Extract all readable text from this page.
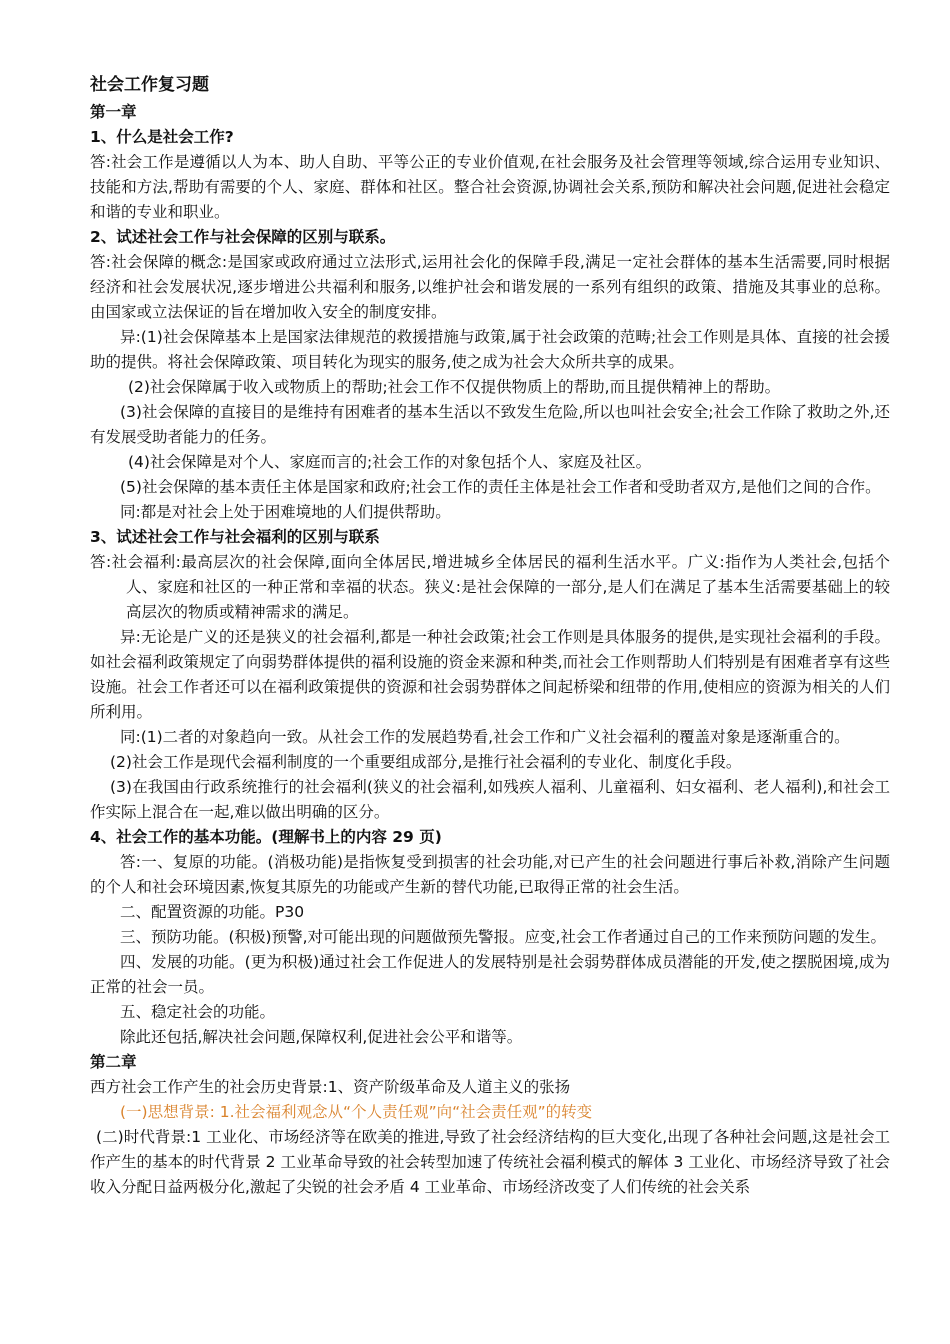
社会工作复习题
第一章
1、什么是社会工作?

答:社会工作是遵循以人为本、助人自助、平等公正的专业价值观,在社会服务及社会管理等领域,综合运用专业知识、技能和方法,帮助有需要的个人、家庭、群体和社区。整合社会资源,协调社会关系,预防和解决社会问题,促进社会稳定和谐的专业和职业。

2、试述社会工作与社会保障的区别与联系。

答:社会保障的概念:是国家或政府通过立法形式,运用社会化的保障手段,满足一定社会群体的基本生活需要,同时根据经济和社会发展状况,逐步增进公共福利和服务,以维护社会和谐发展的一系列有组织的政策、措施及其事业的总称。由国家或立法保证的旨在增加收入安全的制度安排。

异:(1)社会保障基本上是国家法律规范的救援措施与政策,属于社会政策的范畴;社会工作则是具体、直接的社会援助的提供。将社会保障政策、项目转化为现实的服务,使之成为社会大众所共享的成果。

(2)社会保障属于收入或物质上的帮助;社会工作不仅提供物质上的帮助,而且提供精神上的帮助。

(3)社会保障的直接目的是维持有困难者的基本生活以不致发生危险,所以也叫社会安全;社会工作除了救助之外,还有发展受助者能力的任务。

(4)社会保障是对个人、家庭而言的;社会工作的对象包括个人、家庭及社区。

(5)社会保障的基本责任主体是国家和政府;社会工作的责任主体是社会工作者和受助者双方,是他们之间的合作。

同:都是对社会上处于困难境地的人们提供帮助。

3、试述社会工作与社会福利的区别与联系

答:社会福利:最高层次的社会保障,面向全体居民,增进城乡全体居民的福利生活水平。广义:指作为人类社会,包括个人、家庭和社区的一种正常和幸福的状态。狭义:是社会保障的一部分,是人们在满足了基本生活需要基础上的较高层次的物质或精神需求的满足。

异:无论是广义的还是狭义的社会福利,都是一种社会政策;社会工作则是具体服务的提供,是实现社会福利的手段。如社会福利政策规定了向弱势群体提供的福利设施的资金来源和种类,而社会工作则帮助人们特别是有困难者享有这些设施。社会工作者还可以在福利政策提供的资源和社会弱势群体之间起桥梁和纽带的作用,使相应的资源为相关的人们所利用。

同:(1)二者的对象趋向一致。从社会工作的发展趋势看,社会工作和广义社会福利的覆盖对象是逐渐重合的。

(2)社会工作是现代会福利制度的一个重要组成部分,是推行社会福利的专业化、制度化手段。

(3)在我国由行政系统推行的社会福利(狭义的社会福利,如残疾人福利、儿童福利、妇女福利、老人福利),和社会工作实际上混合在一起,难以做出明确的区分。

4、社会工作的基本功能。(理解书上的内容 29 页)

答:一、复原的功能。(消极功能)是指恢复受到损害的社会功能,对已产生的社会问题进行事后补救,消除产生问题的个人和社会环境因素,恢复其原先的功能或产生新的替代功能,已取得正常的社会生活。

二、配置资源的功能。P30

三、预防功能。(积极)预警,对可能出现的问题做预先警报。应变,社会工作者通过自己的工作来预防问题的发生。

四、发展的功能。(更为积极)通过社会工作促进人的发展特别是社会弱势群体成员潜能的开发,使之摆脱困境,成为正常的社会一员。

五、稳定社会的功能。

除此还包括,解决社会问题,保障权利,促进社会公平和谐等。

第二章

西方社会工作产生的社会历史背景:1、资产阶级革命及人道主义的张扬

(一)思想背景: 1.社会福利观念从“个人责任观”向“社会责任观”的转变

(二)时代背景:1 工业化、市场经济等在欧美的推进,导致了社会经济结构的巨大变化,出现了各种社会问题,这是社会工作产生的基本的时代背景 2 工业革命导致的社会转型加速了传统社会福利模式的解体 3 工业化、市场经济导致了社会收入分配日益两极分化,激起了尖锐的社会矛盾 4 工业革命、市场经济改变了人们传统的社会关系
